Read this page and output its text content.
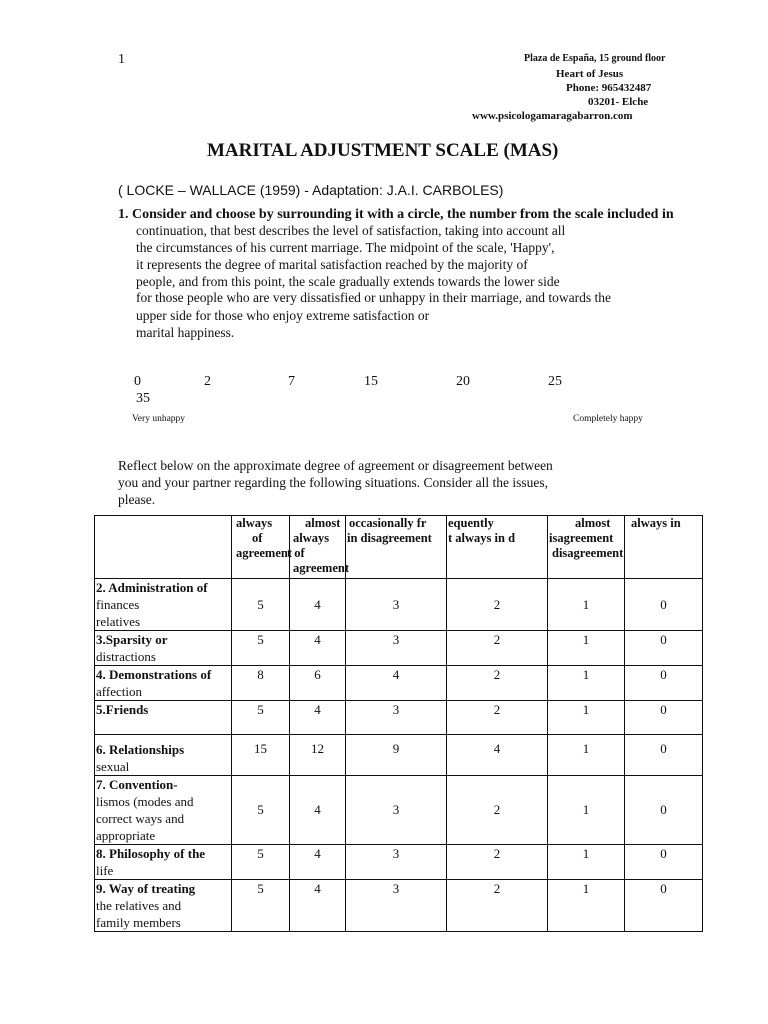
1	Plaza de España, 15 ground floor
Heart of Jesus
Phone: 965432487
03201- Elche
www.psicologamaragabarron.com
MARITAL ADJUSTMENT SCALE (MAS)
( LOCKE – WALLACE (1959) - Adaptation: J.A.I. CARBOLES)
1. Consider and choose by surrounding it with a circle, the number from the scale included in
continuation, that best describes the level of satisfaction, taking into account all
the circumstances of his current marriage. The midpoint of the scale, 'Happy',
it represents the degree of marital satisfaction reached by the majority of
people, and from this point, the scale gradually extends towards the lower side
for those people who are very dissatisfied or unhappy in their marriage, and towards the
upper side for those who enjoy extreme satisfaction or
marital happiness.
0	2	7	15	20	25
35
Very unhappy	Completely happy
Reflect below on the approximate degree of agreement or disagreement between
you and your partner regarding the following situations. Consider all the issues,
please.

	always
of
agreement	almost
always
t of
agreement	occasionally fr
in disagreement	equently
t always in d	almost
isagreement
disagreement	always in

2. Administration of
finances
relatives	5	4	3	2	1	0

3.Sparsity or
distractions	5	4	3	2	1	0

4. Demonstrations of
affection	8	6	4	2	1	0

5.Friends	5	4	3	2	1	0

6. Relationships
sexual	15	12	9	4	1	0

7. Convention-
lismos (modes and
correct ways and
appropriate	5	4	3	2	1	0

8. Philosophy of the
life	5	4	3	2	1	0

9. Way of treating
the relatives and
family members	5	4	3	2	1	0
